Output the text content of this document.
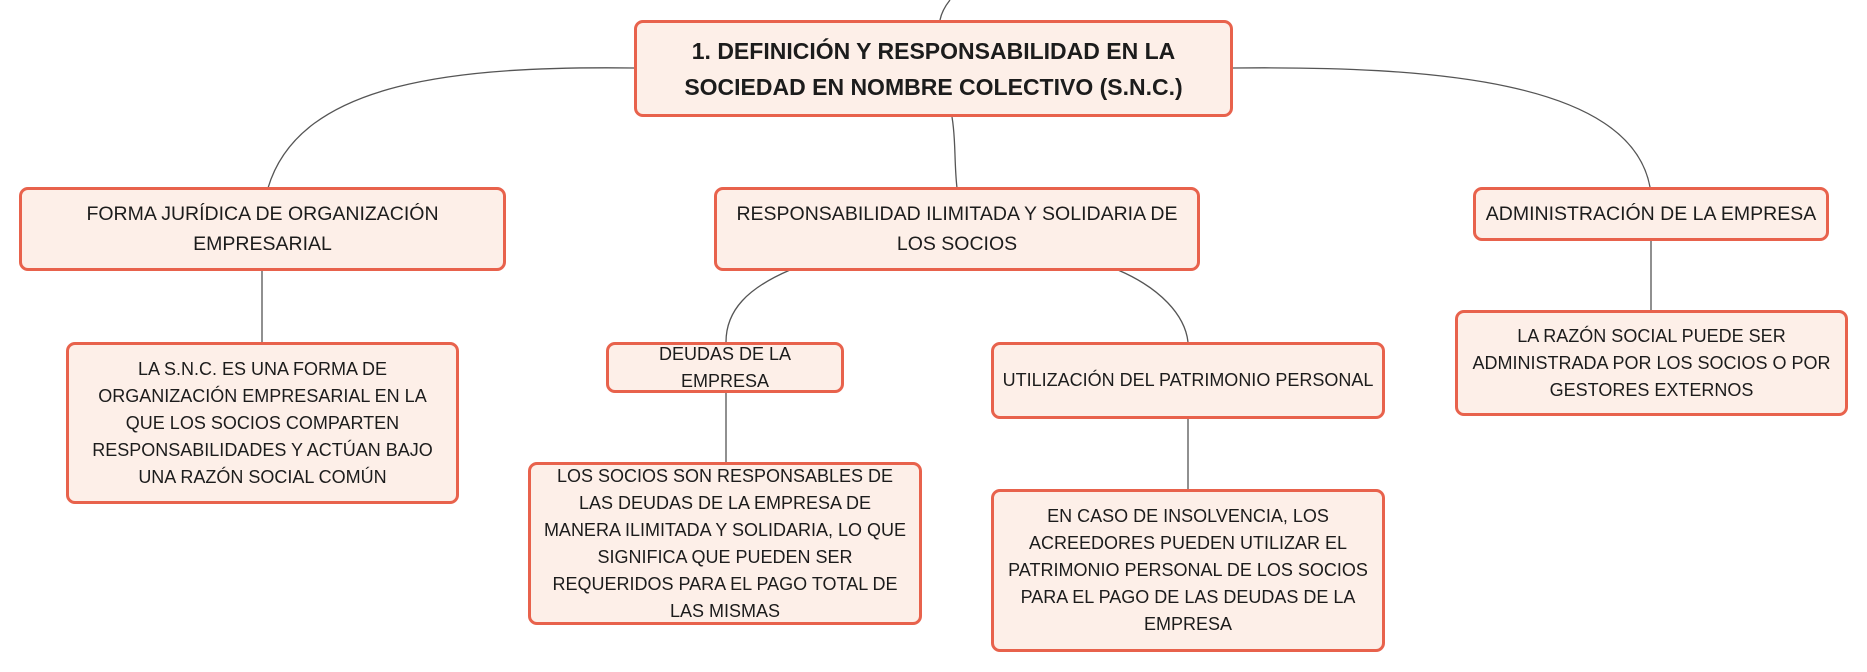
1. DEFINICIÓN Y RESPONSABILIDAD EN LA SOCIEDAD EN NOMBRE COLECTIVO (S.N.C.)
FORMA JURÍDICA DE ORGANIZACIÓN EMPRESARIAL
RESPONSABILIDAD ILIMITADA Y SOLIDARIA DE LOS SOCIOS
ADMINISTRACIÓN DE LA EMPRESA
LA S.N.C. ES UNA FORMA DE ORGANIZACIÓN EMPRESARIAL EN LA QUE LOS SOCIOS COMPARTEN RESPONSABILIDADES Y ACTÚAN BAJO UNA RAZÓN SOCIAL COMÚN
DEUDAS DE LA EMPRESA	UTILIZACIÓN DEL PATRIMONIO PERSONAL
LOS SOCIOS SON RESPONSABLES DE LAS DEUDAS DE LA EMPRESA DE MANERA ILIMITADA Y SOLIDARIA, LO QUE SIGNIFICA QUE PUEDEN SER REQUERIDOS PARA EL PAGO TOTAL DE LAS MISMAS
EN CASO DE INSOLVENCIA, LOS ACREEDORES PUEDEN UTILIZAR EL PATRIMONIO PERSONAL DE LOS SOCIOS PARA EL PAGO DE LAS DEUDAS DE LA EMPRESA
LA RAZÓN SOCIAL PUEDE SER ADMINISTRADA POR LOS SOCIOS O POR GESTORES EXTERNOS
